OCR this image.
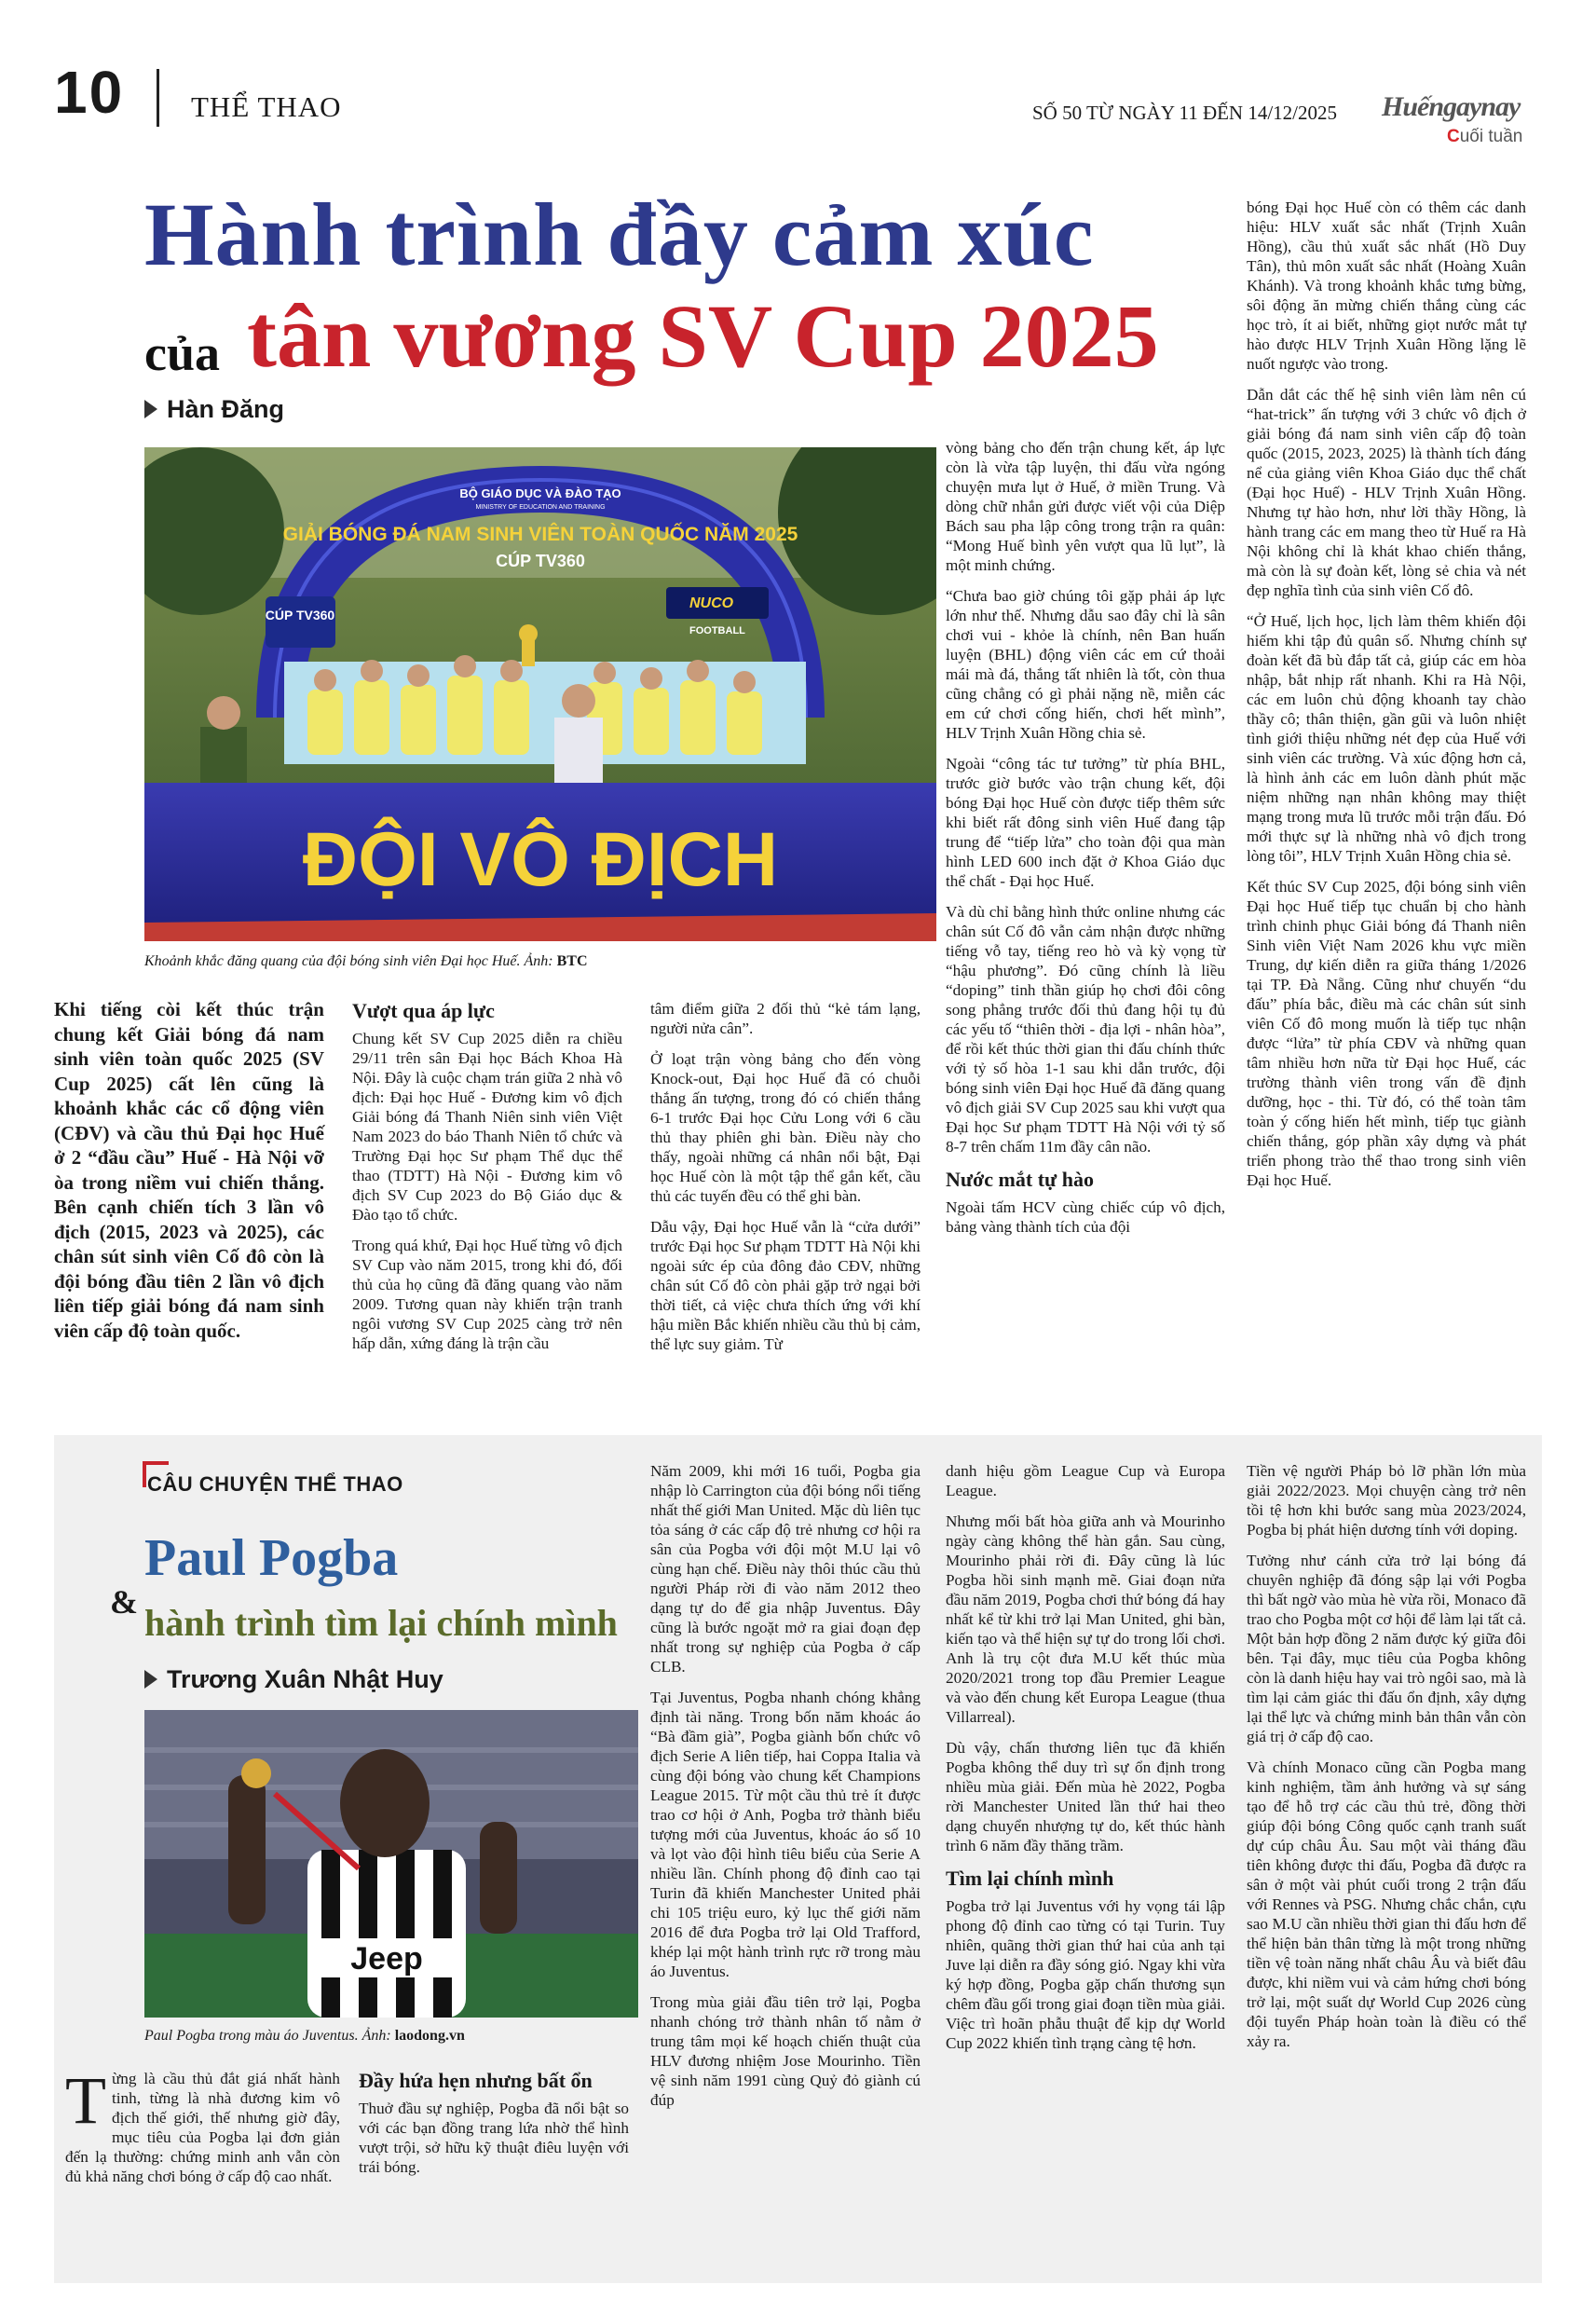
10 THỂ THAO	SỐ 50 TỪ NGÀY 11 ĐẾN 14/12/2025 Huếngaynay
Cuối tuần
Hành trình đầy cảm xúc
của tân vương SV Cup 2025
Hàn Đăng
BỘ GIÁO DỤC VÀ ĐÀO TẠO
MINISTRY OF EDUCATION AND TRAINING
GIẢI BÓNG ĐÁ NAM SINH VIÊN TOÀN QUỐC NĂM 2025
CÚP TV360
CÚP TV360
NUCO
FOOTBALL
ĐỘI VÔ ĐỊCH
Khoảnh khắc đăng quang của đội bóng sinh viên Đại học Huế. Ảnh: BTC
Khi tiếng còi kết thúc trận chung kết Giải bóng đá nam sinh viên toàn quốc 2025 (SV Cup 2025) cất lên cũng là khoảnh khắc các cổ động viên (CĐV) và cầu thủ Đại học Huế ở 2 “đầu cầu” Huế - Hà Nội vỡ òa trong niềm vui chiến thắng. Bên cạnh chiến tích 3 lần vô địch (2015, 2023 và 2025), các chân sút sinh viên Cố đô còn là đội bóng đầu tiên 2 lần vô địch liên tiếp giải bóng đá nam sinh viên cấp độ toàn quốc.
Vượt qua áp lực

Chung kết SV Cup 2025 diễn ra chiều 29/11 trên sân Đại học Bách Khoa Hà Nội. Đây là cuộc chạm trán giữa 2 nhà vô địch: Đại học Huế - Đương kim vô địch Giải bóng đá Thanh Niên sinh viên Việt Nam 2023 do báo Thanh Niên tổ chức và Trường Đại học Sư phạm Thể dục thể thao (TDTT) Hà Nội - Đương kim vô địch SV Cup 2023 do Bộ Giáo dục & Đào tạo tổ chức.

Trong quá khứ, Đại học Huế từng vô địch SV Cup vào năm 2015, trong khi đó, đối thủ của họ cũng đã đăng quang vào năm 2009. Tương quan này khiến trận tranh ngôi vương SV Cup 2025 càng trở nên hấp dẫn, xứng đáng là trận cầu

tâm điểm giữa 2 đối thủ “kẻ tám lạng, người nửa cân”.

Ở loạt trận vòng bảng cho đến vòng Knock-out, Đại học Huế đã có chuỗi thắng ấn tượng, trong đó có chiến thắng 6-1 trước Đại học Cửu Long với 6 cầu thủ thay phiên ghi bàn. Điều này cho thấy, ngoài những cá nhân nổi bật, Đại học Huế còn là một tập thể gắn kết, cầu thủ các tuyến đều có thể ghi bàn.

Dẫu vậy, Đại học Huế vẫn là “cửa dưới” trước Đại học Sư phạm TDTT Hà Nội khi ngoài sức ép của đông đảo CĐV, những chân sút Cố đô còn phải gặp trở ngại bởi thời tiết, cả việc chưa thích ứng với khí hậu miền Bắc khiến nhiều cầu thủ bị cảm, thể lực suy giảm. Từ

vòng bảng cho đến trận chung kết, áp lực còn là vừa tập luyện, thi đấu vừa ngóng chuyện mưa lụt ở Huế, ở miền Trung. Và dòng chữ nhắn gửi được viết vội của Diệp Bách sau pha lập công trong trận ra quân: “Mong Huế bình yên vượt qua lũ lụt”, là một minh chứng.

“Chưa bao giờ chúng tôi gặp phải áp lực lớn như thế. Nhưng dẫu sao đây chỉ là sân chơi vui - khỏe là chính, nên Ban huấn luyện (BHL) động viên các em cứ thoải mái mà đá, thắng tất nhiên là tốt, còn thua cũng chẳng có gì phải nặng nề, miễn các em cứ chơi cống hiến, chơi hết mình”, HLV Trịnh Xuân Hồng chia sẻ.

Ngoài “công tác tư tưởng” từ phía BHL, trước giờ bước vào trận chung kết, đội bóng Đại học Huế còn được tiếp thêm sức khi biết rất đông sinh viên Huế đang tập trung để “tiếp lửa” cho toàn đội qua màn hình LED 600 inch đặt ở Khoa Giáo dục thể chất - Đại học Huế.

Và dù chỉ bằng hình thức online nhưng các chân sút Cố đô vẫn cảm nhận được những tiếng vỗ tay, tiếng reo hò và kỳ vọng từ “hậu phương”. Đó cũng chính là liều “doping” tinh thần giúp họ chơi đôi công song phẳng trước đối thủ đang hội tụ đủ các yếu tố “thiên thời - địa lợi - nhân hòa”, để rồi kết thúc thời gian thi đấu chính thức với tỷ số hòa 1-1 sau khi dẫn trước, đội bóng sinh viên Đại học Huế đã đăng quang vô địch giải SV Cup 2025 sau khi vượt qua Đại học Sư phạm TDTT Hà Nội với tỷ số 8-7 trên chấm 11m đầy cân não.

Nước mắt tự hào

Ngoài tấm HCV cùng chiếc cúp vô địch, bảng vàng thành tích của đội

bóng Đại học Huế còn có thêm các danh hiệu: HLV xuất sắc nhất (Trịnh Xuân Hồng), cầu thủ xuất sắc nhất (Hồ Duy Tân), thủ môn xuất sắc nhất (Hoàng Xuân Khánh). Và trong khoảnh khắc tưng bừng, sôi động ăn mừng chiến thắng cùng các học trò, ít ai biết, những giọt nước mắt tự hào được HLV Trịnh Xuân Hồng lặng lẽ nuốt ngược vào trong.

Dẫn dắt các thế hệ sinh viên làm nên cú “hat-trick” ấn tượng với 3 chức vô địch ở giải bóng đá nam sinh viên cấp độ toàn quốc (2015, 2023, 2025) là thành tích đáng nể của giảng viên Khoa Giáo dục thể chất (Đại học Huế) - HLV Trịnh Xuân Hồng. Nhưng tự hào hơn, như lời thầy Hồng, là hành trang các em mang theo từ Huế ra Hà Nội không chỉ là khát khao chiến thắng, mà còn là sự đoàn kết, lòng sẻ chia và nét đẹp nghĩa tình của sinh viên Cố đô.

“Ở Huế, lịch học, lịch làm thêm khiến đội hiếm khi tập đủ quân số. Nhưng chính sự đoàn kết đã bù đắp tất cả, giúp các em hòa nhập, bắt nhịp rất nhanh. Khi ra Hà Nội, các em luôn chủ động khoanh tay chào thầy cô; thân thiện, gần gũi và luôn nhiệt tình giới thiệu những nét đẹp của Huế với sinh viên các trường. Và xúc động hơn cả, là hình ảnh các em luôn dành phút mặc niệm những nạn nhân không may thiệt mạng trong mưa lũ trước mỗi trận đấu. Đó mới thực sự là những nhà vô địch trong lòng tôi”, HLV Trịnh Xuân Hồng chia sẻ.

Kết thúc SV Cup 2025, đội bóng sinh viên Đại học Huế tiếp tục chuẩn bị cho hành trình chinh phục Giải bóng đá Thanh niên Sinh viên Việt Nam 2026 khu vực miền Trung, dự kiến diễn ra giữa tháng 1/2026 tại TP. Đà Nẵng. Cũng như chuyến “du đấu” phía bắc, điều mà các chân sút sinh viên Cố đô mong muốn là tiếp tục nhận được “lửa” từ phía CĐV và những quan tâm nhiều hơn nữa từ Đại học Huế, các trường thành viên trong vấn đề định dưỡng, học - thi. Từ đó, có thể toàn tâm toàn ý cống hiến hết mình, tiếp tục giành chiến thắng, góp phần xây dựng và phát triển phong trào thể thao trong sinh viên Đại học Huế.

CÂU CHUYỆN THỂ THAO
Paul Pogba
& hành trình tìm lại chính mình
Trương Xuân Nhật Huy
Jeep
Paul Pogba trong màu áo Juventus. Ảnh: laodong.vn
Từng là cầu thủ đắt giá nhất hành tinh, từng là nhà đương kim vô địch thế giới, thế nhưng giờ đây, mục tiêu của Pogba lại đơn giản đến lạ thường: chứng minh anh vẫn còn đủ khả năng chơi bóng ở cấp độ cao nhất.
Đầy hứa hẹn nhưng bất ổn

Thuở đầu sự nghiệp, Pogba đã nổi bật so với các bạn đồng trang lứa nhờ thể hình vượt trội, sở hữu kỹ thuật điêu luyện với trái bóng.

Năm 2009, khi mới 16 tuổi, Pogba gia nhập lò Carrington của đội bóng nổi tiếng nhất thế giới Man United. Mặc dù liên tục tỏa sáng ở các cấp độ trẻ nhưng cơ hội ra sân của Pogba với đội một M.U lại vô cùng hạn chế. Điều này thôi thúc cầu thủ người Pháp rời đi vào năm 2012 theo dạng tự do để gia nhập Juventus. Đây cũng là bước ngoặt mở ra giai đoạn đẹp nhất trong sự nghiệp của Pogba ở cấp CLB.

Tại Juventus, Pogba nhanh chóng khẳng định tài năng. Trong bốn năm khoác áo “Bà đầm già”, Pogba giành bốn chức vô địch Serie A liên tiếp, hai Coppa Italia và cùng đội bóng vào chung kết Champions League 2015. Từ một cầu thủ trẻ ít được trao cơ hội ở Anh, Pogba trở thành biểu tượng mới của Juventus, khoác áo số 10 và lọt vào đội hình tiêu biểu của Serie A nhiều lần. Chính phong độ đỉnh cao tại Turin đã khiến Manchester United phải chi 105 triệu euro, kỷ lục thế giới năm 2016 để đưa Pogba trở lại Old Trafford, khép lại một hành trình rực rỡ trong màu áo Juventus.

Trong mùa giải đầu tiên trở lại, Pogba nhanh chóng trở thành nhân tố nằm ở trung tâm mọi kế hoạch chiến thuật của HLV đương nhiệm Jose Mourinho. Tiền vệ sinh năm 1991 cùng Quỷ đỏ giành cú đúp

danh hiệu gồm League Cup và Europa League.

Nhưng mối bất hòa giữa anh và Mourinho ngày càng không thể hàn gắn. Sau cùng, Mourinho phải rời đi. Đây cũng là lúc Pogba hồi sinh mạnh mẽ. Giai đoạn nửa đầu năm 2019, Pogba chơi thứ bóng đá hay nhất kể từ khi trở lại Man United, ghi bàn, kiến tạo và thể hiện sự tự do trong lối chơi. Anh là trụ cột đưa M.U kết thúc mùa 2020/2021 trong top đầu Premier League và vào đến chung kết Europa League (thua Villarreal).

Dù vậy, chấn thương liên tục đã khiến Pogba không thể duy trì sự ổn định trong nhiều mùa giải. Đến mùa hè 2022, Pogba rời Manchester United lần thứ hai theo dạng chuyển nhượng tự do, kết thúc hành trình 6 năm đầy thăng trầm.

Tìm lại chính mình

Pogba trở lại Juventus với hy vọng tái lập phong độ đỉnh cao từng có tại Turin. Tuy nhiên, quãng thời gian thứ hai của anh tại Juve lại diễn ra đầy sóng gió. Ngay khi vừa ký hợp đồng, Pogba gặp chấn thương sụn chêm đầu gối trong giai đoạn tiền mùa giải. Việc trì hoãn phẫu thuật để kịp dự World Cup 2022 khiến tình trạng càng tệ hơn.

Tiền vệ người Pháp bỏ lỡ phần lớn mùa giải 2022/2023. Mọi chuyện càng trở nên tồi tệ hơn khi bước sang mùa 2023/2024, Pogba bị phát hiện dương tính với doping.

Tưởng như cánh cửa trở lại bóng đá chuyên nghiệp đã đóng sập lại với Pogba thì bất ngờ vào mùa hè vừa rồi, Monaco đã trao cho Pogba một cơ hội để làm lại tất cả. Một bản hợp đồng 2 năm được ký giữa đôi bên. Tại đây, mục tiêu của Pogba không còn là danh hiệu hay vai trò ngôi sao, mà là tìm lại cảm giác thi đấu ổn định, xây dựng lại thể lực và chứng minh bản thân vẫn còn giá trị ở cấp độ cao.

Và chính Monaco cũng cần Pogba mang kinh nghiệm, tầm ảnh hưởng và sự sáng tạo để hỗ trợ các cầu thủ trẻ, đồng thời giúp đội bóng Công quốc cạnh tranh suất dự cúp châu Âu. Sau một vài tháng đầu tiên không được thi đấu, Pogba đã được ra sân ở một vài phút cuối trong 2 trận đấu với Rennes và PSG. Nhưng chắc chắn, cựu sao M.U cần nhiều thời gian thi đấu hơn để thể hiện bản thân từng là một trong những tiền vệ toàn năng nhất châu Âu và biết đâu được, khi niềm vui và cảm hứng chơi bóng trở lại, một suất dự World Cup 2026 cùng đội tuyển Pháp hoàn toàn là điều có thể xảy ra.
